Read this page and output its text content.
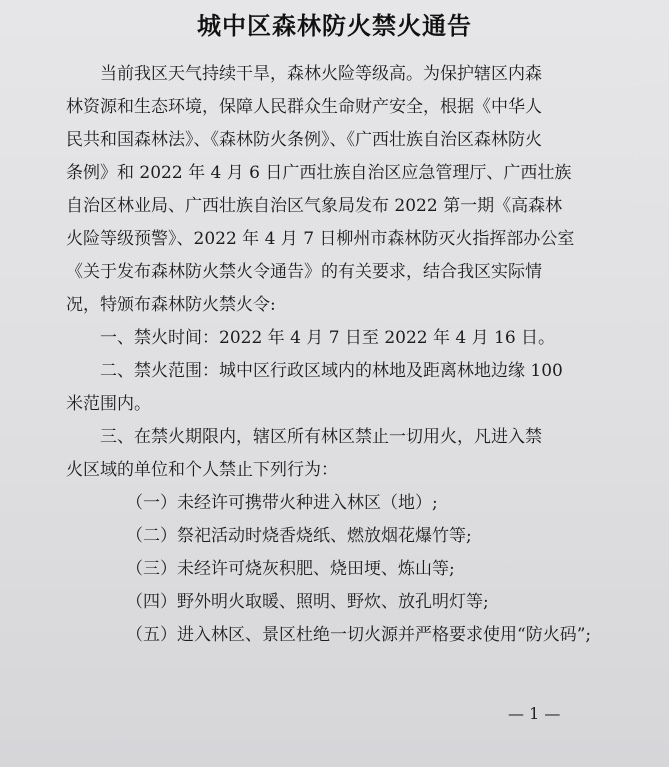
城中区森林防火禁火通告
当前我区天气持续干旱，森林火险等级高。为保护辖区内森
林资源和生态环境，保障人民群众生命财产安全，根据《中华人
民共和国森林法》、《森林防火条例》、《广西壮族自治区森林防火
条例》和 2022 年 4 月 6 日广西壮族自治区应急管理厅、广西壮族
自治区林业局、广西壮族自治区气象局发布 2022 第一期《高森林
火险等级预警》、2022 年 4 月 7 日柳州市森林防灭火指挥部办公室
《关于发布森林防火禁火令通告》的有关要求，结合我区实际情
况，特颁布森林防火禁火令:
一、禁火时间：2022 年 4 月 7 日至 2022 年 4 月 16 日。
二、禁火范围：城中区行政区域内的林地及距离林地边缘 100
米范围内。
三、在禁火期限内，辖区所有林区禁止一切用火，凡进入禁
火区域的单位和个人禁止下列行为：
（一）未经许可携带火种进入林区（地）;
（二）祭祀活动时烧香烧纸、燃放烟花爆竹等;
（三）未经许可烧灰积肥、烧田埂、炼山等;
（四）野外明火取暖、照明、野炊、放孔明灯等;
（五）进入林区、景区杜绝一切火源并严格要求使用“防火码”;
— 1 —
